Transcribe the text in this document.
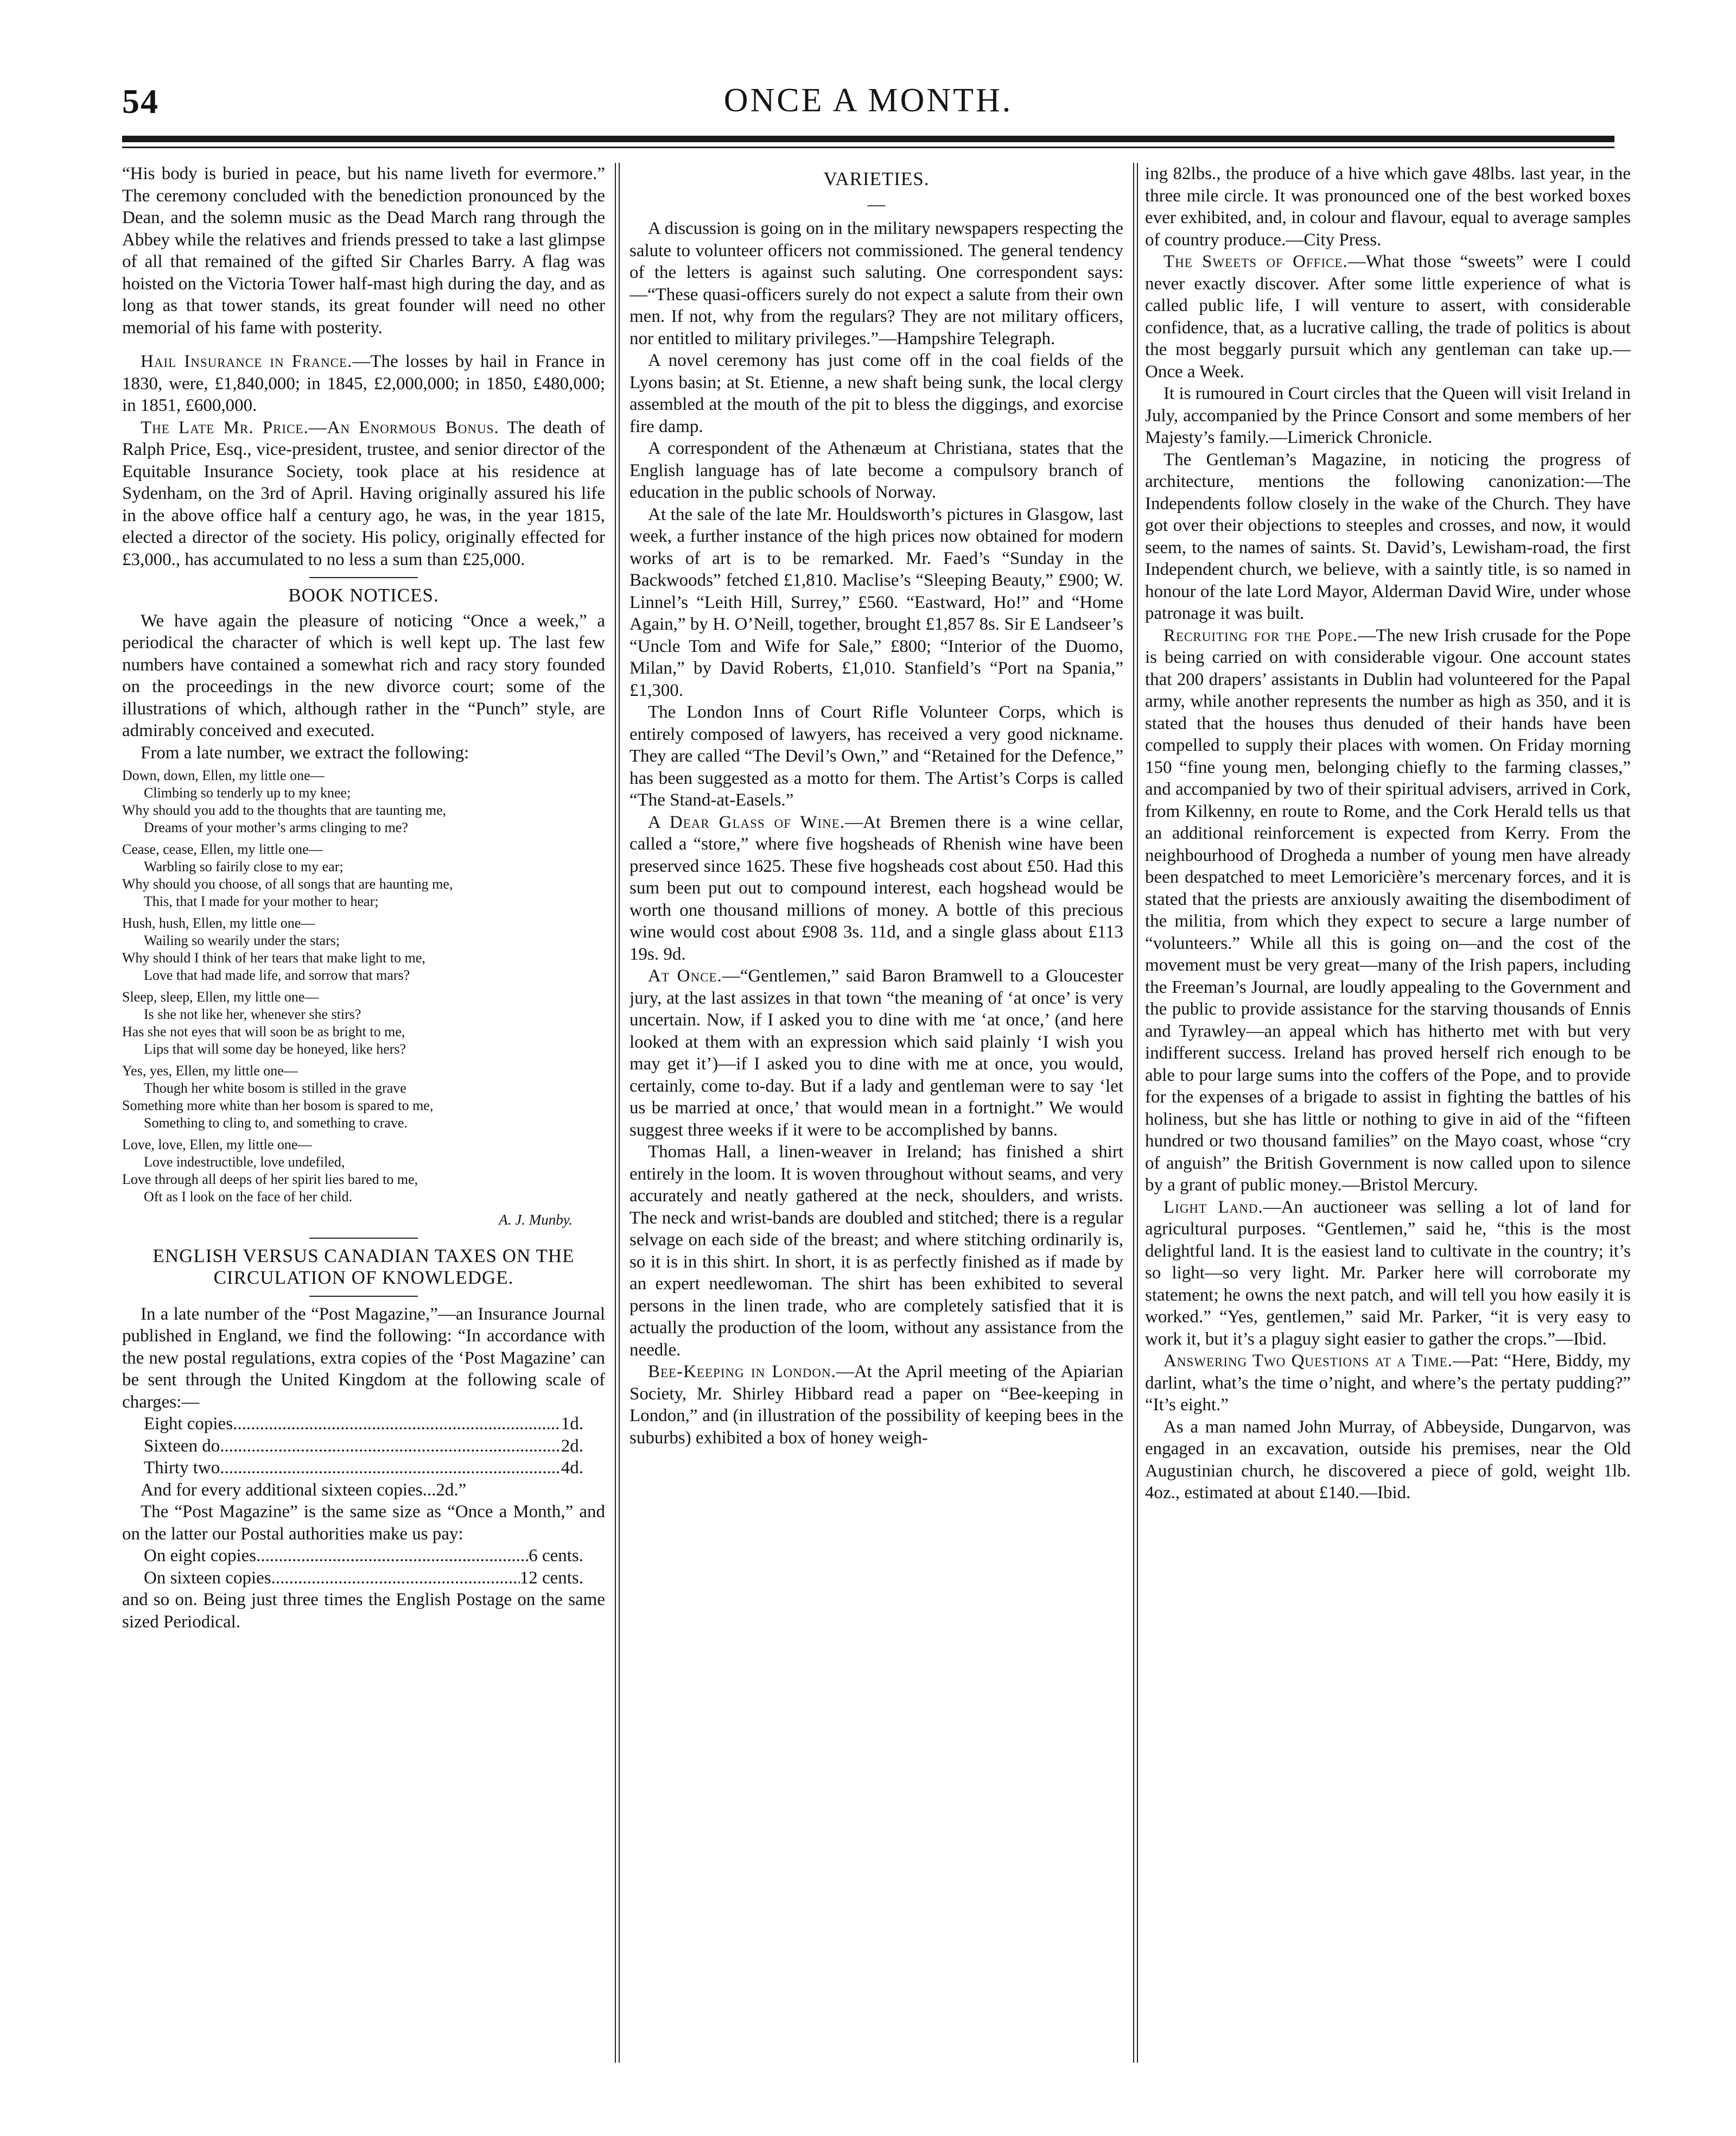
54	ONCE A MONTH.

“His body is buried in peace, but his name liveth for evermore.” The ceremony concluded with the benediction pronounced by the Dean, and the solemn music as the Dead March rang through the Abbey while the relatives and friends pressed to take a last glimpse of all that remained of the gifted Sir Charles Barry. A flag was hoisted on the Victoria Tower half-mast high during the day, and as long as that tower stands, its great founder will need no other memorial of his fame with posterity.

Hail Insurance in France.—The losses by hail in France in 1830, were, £1,840,000; in 1845, £2,000,000; in 1850, £480,000; in 1851, £600,000.

The Late Mr. Price.—An Enormous Bonus. The death of Ralph Price, Esq., vice-president, trustee, and senior director of the Equitable Insurance Society, took place at his residence at Sydenham, on the 3rd of April. Having originally assured his life in the above office half a century ago, he was, in the year 1815, elected a director of the society. His policy, originally effected for £3,000., has accumulated to no less a sum than £25,000.

BOOK NOTICES.

We have again the pleasure of noticing “Once a week,” a periodical the character of which is well kept up. The last few numbers have contained a somewhat rich and racy story founded on the proceedings in the new divorce court; some of the illustrations of which, although rather in the “Punch” style, are admirably conceived and executed.

From a late number, we extract the following:

Down, down, Ellen, my little one—
Climbing so tenderly up to my knee;
Why should you add to the thoughts that are taunting me,
Dreams of your mother’s arms clinging to me?
Cease, cease, Ellen, my little one—
Warbling so fairily close to my ear;
Why should you choose, of all songs that are haunting me,
This, that I made for your mother to hear;
Hush, hush, Ellen, my little one—
Wailing so wearily under the stars;
Why should I think of her tears that make light to me,
Love that had made life, and sorrow that mars?
Sleep, sleep, Ellen, my little one—
Is she not like her, whenever she stirs?
Has she not eyes that will soon be as bright to me,
Lips that will some day be honeyed, like hers?
Yes, yes, Ellen, my little one—
Though her white bosom is stilled in the grave
Something more white than her bosom is spared to me,
Something to cling to, and something to crave.
Love, love, Ellen, my little one—
Love indestructible, love undefiled,
Love through all deeps of her spirit lies bared to me,
Oft as I look on the face of her child.
A. J. Munby.
ENGLISH VERSUS CANADIAN TAXES ON THE CIRCULATION OF KNOWLEDGE.

In a late number of the “Post Magazine,”—an Insurance Journal published in England, we find the following: “In accordance with the new postal regulations, extra copies of the ‘Post Magazine’ can be sent through the United Kingdom at the following scale of charges:—

Eight copies .....	1d.
Sixteen do .....	2d.
Thirty two .....	4d.

And for every additional sixteen copies...2d.”

The “Post Magazine” is the same size as “Once a Month,” and on the latter our Postal authorities make us pay:

On eight copies .....	6 cents.
On sixteen copies .....	12 cents.

and so on. Being just three times the English Postage on the same sized Periodical.

VARIETIES.
—

A discussion is going on in the military newspapers respecting the salute to volunteer officers not commissioned. The general tendency of the letters is against such saluting. One correspondent says:—“These quasi-officers surely do not expect a salute from their own men. If not, why from the regulars? They are not military officers, nor entitled to military privileges.”—Hampshire Telegraph.

A novel ceremony has just come off in the coal fields of the Lyons basin; at St. Etienne, a new shaft being sunk, the local clergy assembled at the mouth of the pit to bless the diggings, and exorcise fire damp.

A correspondent of the Athenæum at Christiana, states that the English language has of late become a compulsory branch of education in the public schools of Norway.

At the sale of the late Mr. Houldsworth’s pictures in Glasgow, last week, a further instance of the high prices now obtained for modern works of art is to be remarked. Mr. Faed’s “Sunday in the Backwoods” fetched £1,810. Maclise’s “Sleeping Beauty,” £900; W. Linnel’s “Leith Hill, Surrey,” £560. “Eastward, Ho!” and “Home Again,” by H. O’Neill, together, brought £1,857 8s. Sir E Landseer’s “Uncle Tom and Wife for Sale,” £800; “Interior of the Duomo, Milan,” by David Roberts, £1,010. Stanfield’s “Port na Spania,” £1,300.

The London Inns of Court Rifle Volunteer Corps, which is entirely composed of lawyers, has received a very good nickname. They are called “The Devil’s Own,” and “Retained for the Defence,” has been suggested as a motto for them. The Artist’s Corps is called “The Stand-at-Easels.”

A Dear Glass of Wine.—At Bremen there is a wine cellar, called a “store,” where five hogsheads of Rhenish wine have been preserved since 1625. These five hogsheads cost about £50. Had this sum been put out to compound interest, each hogshead would be worth one thousand millions of money. A bottle of this precious wine would cost about £908 3s. 11d, and a single glass about £113 19s. 9d.

At Once.—“Gentlemen,” said Baron Bramwell to a Gloucester jury, at the last assizes in that town “the meaning of ‘at once’ is very uncertain. Now, if I asked you to dine with me ‘at once,’ (and here looked at them with an expression which said plainly ‘I wish you may get it’)—if I asked you to dine with me at once, you would, certainly, come to-day. But if a lady and gentleman were to say ‘let us be married at once,’ that would mean in a fortnight.” We would suggest three weeks if it were to be accomplished by banns.

Thomas Hall, a linen-weaver in Ireland; has finished a shirt entirely in the loom. It is woven throughout without seams, and very accurately and neatly gathered at the neck, shoulders, and wrists. The neck and wrist-bands are doubled and stitched; there is a regular selvage on each side of the breast; and where stitching ordinarily is, so it is in this shirt. In short, it is as perfectly finished as if made by an expert needlewoman. The shirt has been exhibited to several persons in the linen trade, who are completely satisfied that it is actually the production of the loom, without any assistance from the needle.

Bee-Keeping in London.—At the April meeting of the Apiarian Society, Mr. Shirley Hibbard read a paper on “Bee-keeping in London,” and (in illustration of the possibility of keeping bees in the suburbs) exhibited a box of honey weigh-

ing 82lbs., the produce of a hive which gave 48lbs. last year, in the three mile circle. It was pronounced one of the best worked boxes ever exhibited, and, in colour and flavour, equal to average samples of country produce.—City Press.

The Sweets of Office.—What those “sweets” were I could never exactly discover. After some little experience of what is called public life, I will venture to assert, with considerable confidence, that, as a lucrative calling, the trade of politics is about the most beggarly pursuit which any gentleman can take up.—Once a Week.

It is rumoured in Court circles that the Queen will visit Ireland in July, accompanied by the Prince Consort and some members of her Majesty’s family.—Limerick Chronicle.

The Gentleman’s Magazine, in noticing the progress of architecture, mentions the following canonization:—The Independents follow closely in the wake of the Church. They have got over their objections to steeples and crosses, and now, it would seem, to the names of saints. St. David’s, Lewisham-road, the first Independent church, we believe, with a saintly title, is so named in honour of the late Lord Mayor, Alderman David Wire, under whose patronage it was built.

Recruiting for the Pope.—The new Irish crusade for the Pope is being carried on with considerable vigour. One account states that 200 drapers’ assistants in Dublin had volunteered for the Papal army, while another represents the number as high as 350, and it is stated that the houses thus denuded of their hands have been compelled to supply their places with women. On Friday morning 150 “fine young men, belonging chiefly to the farming classes,” and accompanied by two of their spiritual advisers, arrived in Cork, from Kilkenny, en route to Rome, and the Cork Herald tells us that an additional reinforcement is expected from Kerry. From the neighbourhood of Drogheda a number of young men have already been despatched to meet Lemoricière’s mercenary forces, and it is stated that the priests are anxiously awaiting the disembodiment of the militia, from which they expect to secure a large number of “volunteers.” While all this is going on—and the cost of the movement must be very great—many of the Irish papers, including the Freeman’s Journal, are loudly appealing to the Government and the public to provide assistance for the starving thousands of Ennis and Tyrawley—an appeal which has hitherto met with but very indifferent success. Ireland has proved herself rich enough to be able to pour large sums into the coffers of the Pope, and to provide for the expenses of a brigade to assist in fighting the battles of his holiness, but she has little or nothing to give in aid of the “fifteen hundred or two thousand families” on the Mayo coast, whose “cry of anguish” the British Government is now called upon to silence by a grant of public money.—Bristol Mercury.

Light Land.—An auctioneer was selling a lot of land for agricultural purposes. “Gentlemen,” said he, “this is the most delightful land. It is the easiest land to cultivate in the country; it’s so light—so very light. Mr. Parker here will corroborate my statement; he owns the next patch, and will tell you how easily it is worked.” “Yes, gentlemen,” said Mr. Parker, “it is very easy to work it, but it’s a plaguy sight easier to gather the crops.”—Ibid.

Answering Two Questions at a Time.—Pat: “Here, Biddy, my darlint, what’s the time o’night, and where’s the pertaty pudding?” “It’s eight.”

As a man named John Murray, of Abbeyside, Dungarvon, was engaged in an excavation, outside his premises, near the Old Augustinian church, he discovered a piece of gold, weight 1lb. 4oz., estimated at about £140.—Ibid.
